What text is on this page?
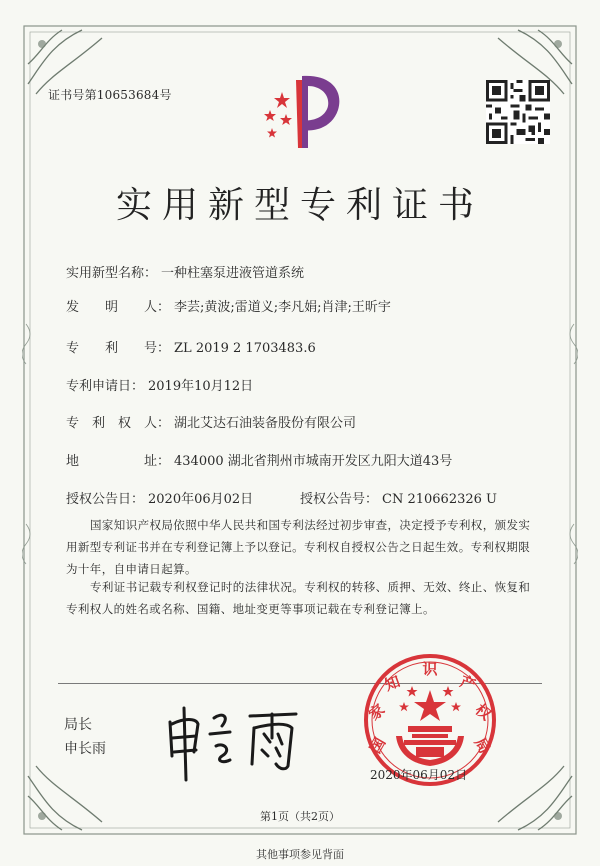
证书号第10653684号
实用新型专利证书
实用新型名称： 一种柱塞泵进液管道系统
发　　明　　人： 李芸;黄波;雷道义;李凡娟;肖津;王昕宇
专　　利　　号： ZL 2019 2 1703483.6
专利申请日： 2019年10月12日
专　利　权　人： 湖北艾达石油装备股份有限公司
地　　　　　址： 434000 湖北省荆州市城南开发区九阳大道43号
授权公告日： 2020年06月02日	授权公告号： CN 210662326 U
国家知识产权局依照中华人民共和国专利法经过初步审查，决定授予专利权，颁发实用新型专利证书并在专利登记簿上予以登记。专利权自授权公告之日起生效。专利权期限为十年，自申请日起算。
专利证书记载专利权登记时的法律状况。专利权的转移、质押、无效、终止、恢复和专利权人的姓名或名称、国籍、地址变更等事项记载在专利登记簿上。
局长
申长雨	国
家
知
识
产
权
局
2020年06月02日
第1页（共2页）
其他事项参见背面
